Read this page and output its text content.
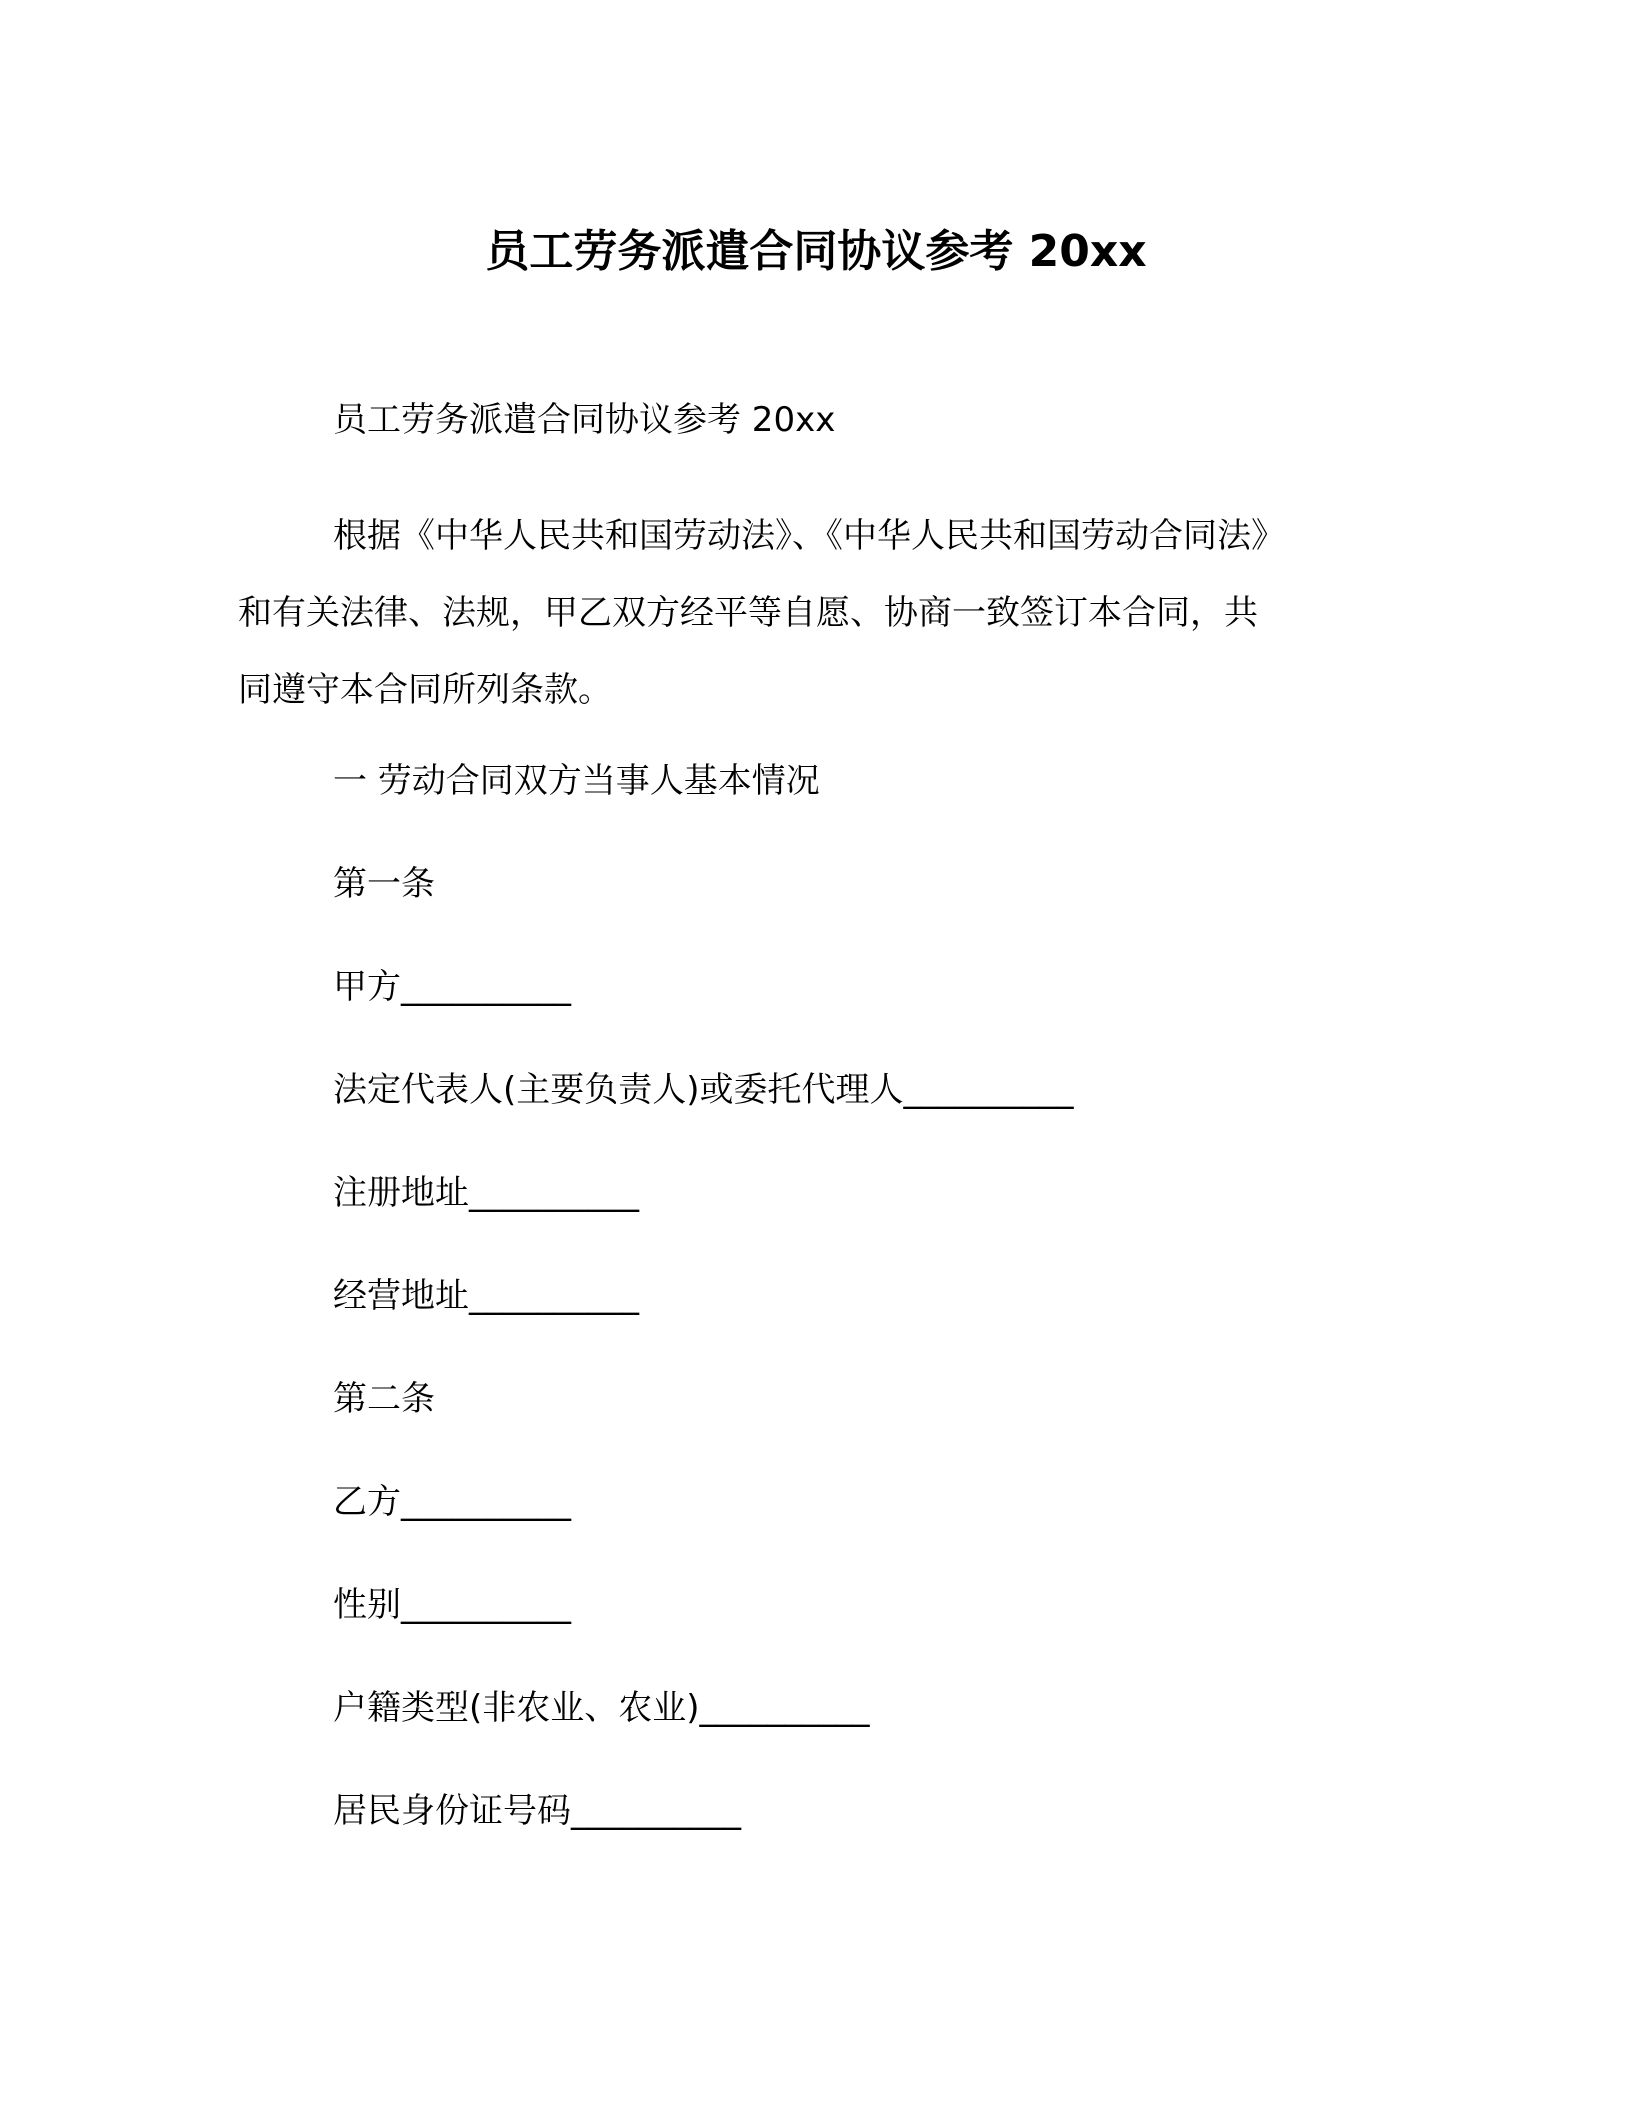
员工劳务派遣合同协议参考 20xx
员工劳务派遣合同协议参考 20xx
根据《中华人民共和国劳动法》、《中华人民共和国劳动合同法》
和有关法律、法规，甲乙双方经平等自愿、协商一致签订本合同，共
同遵守本合同所列条款。
一 劳动合同双方当事人基本情况
第一条
甲方__________
法定代表人(主要负责人)或委托代理人__________
注册地址__________
经营地址__________
第二条
乙方__________
性别__________
户籍类型(非农业、农业)__________
居民身份证号码__________
